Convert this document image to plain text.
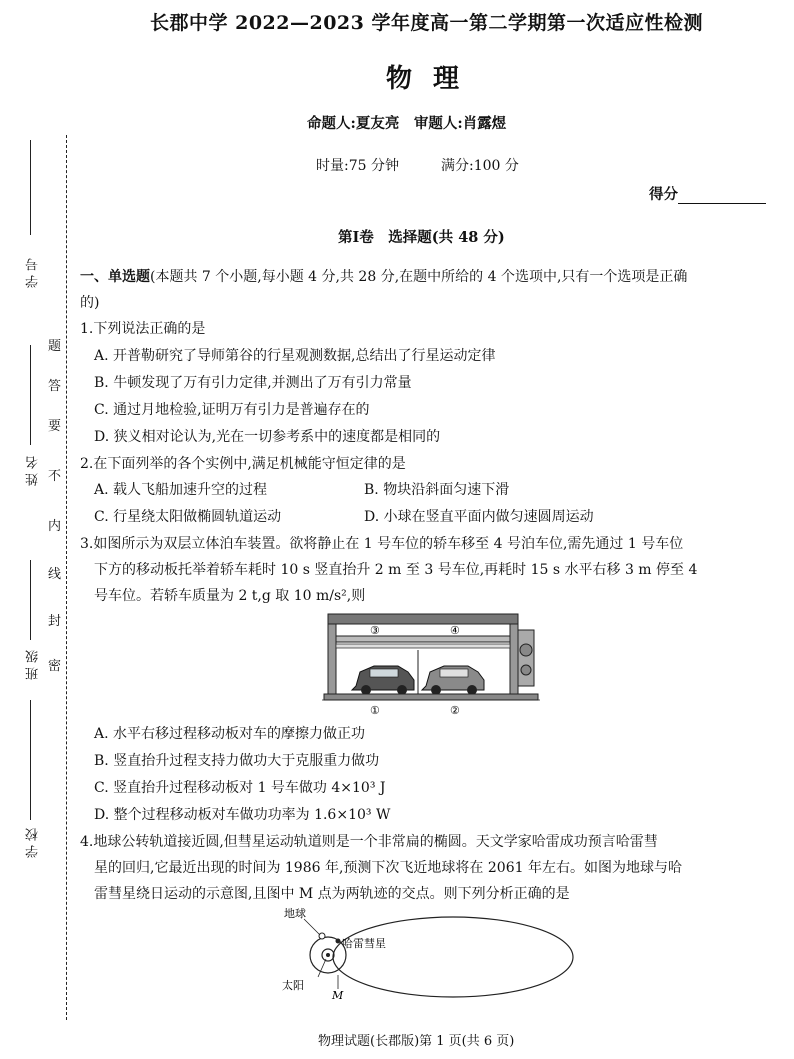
学 号
姓 名
班 级
学 校
题
答
要
不
内
线
封
密
长郡中学 2022—2023 学年度高一第二学期第一次适应性检测
物 理
命题人:夏友亮　审题人:肖露煜
时量:75 分钟　　　满分:100 分
得分
第Ⅰ卷　选择题(共 48 分)
一、单选题(本题共 7 个小题,每小题 4 分,共 28 分,在题中所给的 4 个选项中,只有一个选项是正确
的)
1.下列说法正确的是
A. 开普勒研究了导师第谷的行星观测数据,总结出了行星运动定律
B. 牛顿发现了万有引力定律,并测出了万有引力常量
C. 通过月地检验,证明万有引力是普遍存在的
D. 狭义相对论认为,光在一切参考系中的速度都是相同的
2.在下面列举的各个实例中,满足机械能守恒定律的是
A. 载人飞船加速升空的过程	B. 物块沿斜面匀速下滑
C. 行星绕太阳做椭圆轨道运动	D. 小球在竖直平面内做匀速圆周运动
3.如图所示为双层立体泊车装置。欲将静止在 1 号车位的轿车移至 4 号泊车位,需先通过 1 号车位
下方的移动板托举着轿车耗时 10 s 竖直抬升 2 m 至 3 号车位,再耗时 15 s 水平右移 3 m 停至 4
号车位。若轿车质量为 2 t,g 取 10 m/s²,则
③	④
①	②
A. 水平右移过程移动板对车的摩擦力做正功
B. 竖直抬升过程支持力做功大于克服重力做功
C. 竖直抬升过程移动板对 1 号车做功 4×10³ J
D. 整个过程移动板对车做功功率为 1.6×10³ W
4.地球公转轨道接近圆,但彗星运动轨道则是一个非常扁的椭圆。天文学家哈雷成功预言哈雷彗
星的回归,它最近出现的时间为 1986 年,预测下次飞近地球将在 2061 年左右。如图为地球与哈
雷彗星绕日运动的示意图,且图中 M 点为两轨迹的交点。则下列分析正确的是
地球
哈雷彗星
太阳
M
物理试题(长郡版)第 1 页(共 6 页)
